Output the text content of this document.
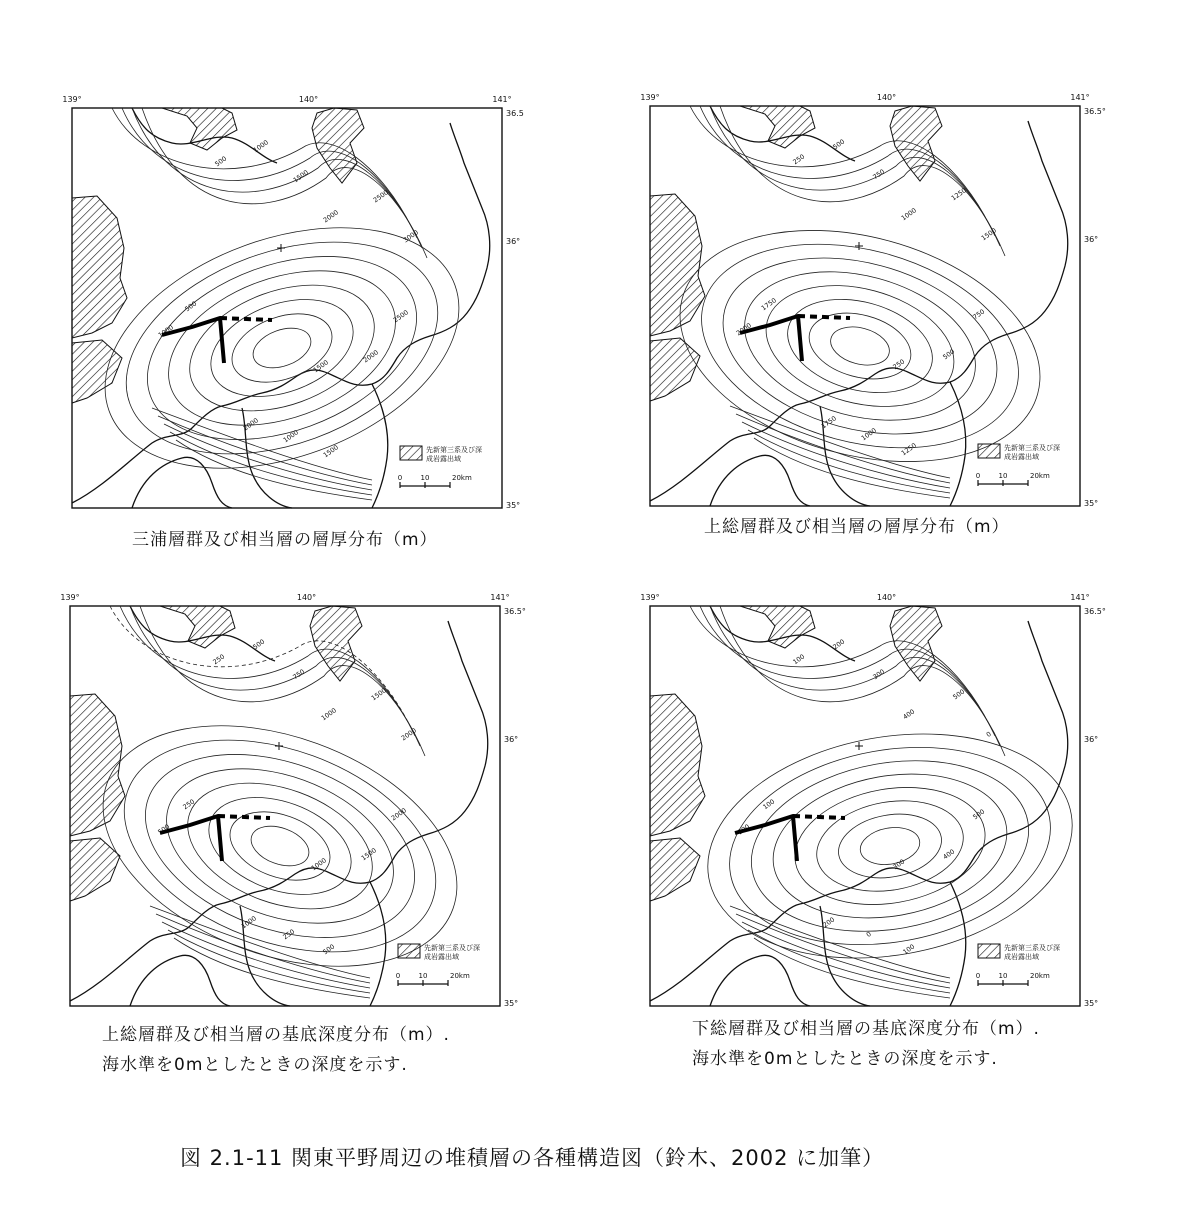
139°	140°	141°
36.5
36°
35°
500
1000
1500
2000
2500
3000
500
1000
1500
2000
2500
1000
1500
2000
先新第三系及び深成岩露出域
0	10	20km
三浦層群及び相当層の層厚分布（m）
139°	140°	141°
36.5°
36°
35°
250
500
750
1000
1250
1500
1750
2000
250
500
750
1000
1250
1750
先新第三系及び深成岩露出域
0	10	20km
上総層群及び相当層の層厚分布（m）
139°	140°	141°
36.5°
36°
35°
250
500
750
1000
1500
2000
250
500
1000
1500
2000
250
500
1000
先新第三系及び深成岩露出域
0	10	20km
上総層群及び相当層の基底深度分布（m）.
海水準を0mとしたときの深度を示す.
139°	140°	141°
36.5°
36°
35°
100
200
300
400
500
0
100
200
300
400
500
0
100
200
先新第三系及び深成岩露出域
0	10	20km
下総層群及び相当層の基底深度分布（m）.
海水準を0mとしたときの深度を示す.
図 2.1-11 関東平野周辺の堆積層の各種構造図（鈴木、2002 に加筆）
